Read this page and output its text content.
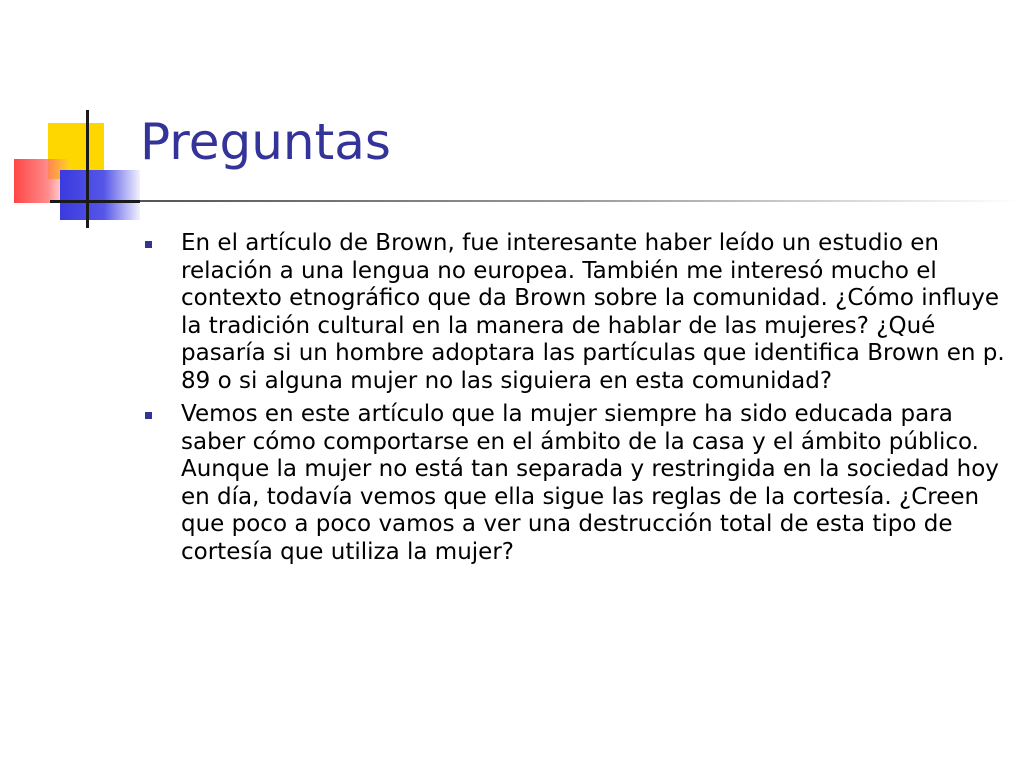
Preguntas
En el artículo de Brown, fue interesante haber leído un estudio en relación a una lengua no europea. También me interesó mucho el contexto etnográfico que da Brown sobre la comunidad. ¿Cómo influye la tradición cultural en la manera de hablar de las mujeres? ¿Qué pasaría si un hombre adoptara las partículas que identifica Brown en p. 89 o si alguna mujer no las siguiera en esta comunidad?
Vemos en este artículo que la mujer siempre ha sido educada para saber cómo comportarse en el ámbito de la casa y el ámbito público. Aunque la mujer no está tan separada y restringida en la sociedad hoy en día, todavía vemos que ella sigue las reglas de la cortesía. ¿Creen que poco a poco vamos a ver una destrucción total de esta tipo de cortesía que utiliza la mujer?
